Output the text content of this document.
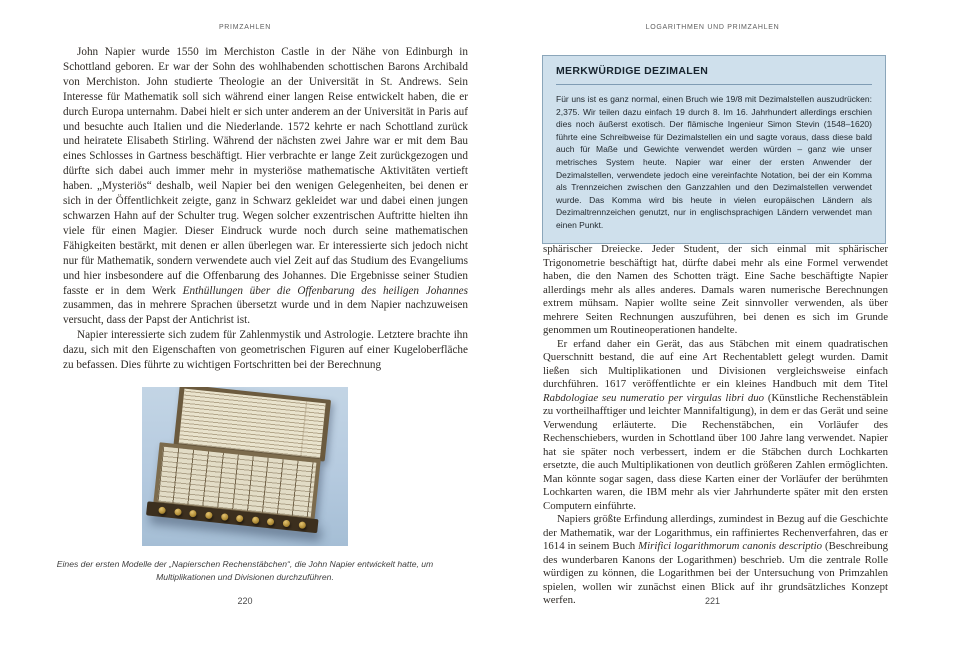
PRIMZAHLEN

John Napier wurde 1550 im Merchiston Castle in der Nähe von Edinburgh in Schottland geboren. Er war der Sohn des wohlhabenden schottischen Barons Archibald von Merchiston. John studierte Theologie an der Universität in St. Andrews. Sein Interesse für Mathematik soll sich während einer langen Reise entwickelt haben, die er durch Europa unternahm. Dabei hielt er sich unter anderem an der Universität in Paris auf und besuchte auch Italien und die Niederlande. 1572 kehrte er nach Schottland zurück und heiratete Elisabeth Stirling. Während der nächsten zwei Jahre war er mit dem Bau eines Schlosses in Gartness beschäftigt. Hier verbrachte er lange Zeit zurückgezogen und dürfte sich dabei auch immer mehr in mysteriöse mathematische Aktivitäten vertieft haben. „Mysteriös“ deshalb, weil Napier bei den wenigen Gelegenheiten, bei denen er sich in der Öffentlichkeit zeigte, ganz in Schwarz gekleidet war und dabei einen jungen schwarzen Hahn auf der Schulter trug. Wegen solcher exzentrischen Auftritte hielten ihn viele für einen Magier. Dieser Eindruck wurde noch durch seine mathematischen Fähigkeiten bestärkt, mit denen er allen überlegen war. Er interessierte sich jedoch nicht nur für Mathematik, sondern verwendete auch viel Zeit auf das Studium des Evangeliums und hier insbesondere auf die Offenbarung des Johannes. Die Ergebnisse seiner Studien fasste er in dem Werk Enthüllungen über die Offenbarung des heiligen Johannes zusammen, das in mehrere Sprachen übersetzt wurde und in dem Napier nachzuweisen versucht, dass der Papst der Antichrist ist.

Napier interessierte sich zudem für Zahlenmystik und Astrologie. Letztere brachte ihn dazu, sich mit den Eigenschaften von geometrischen Figuren auf einer Kugeloberfläche zu befassen. Dies führte zu wichtigen Fortschritten bei der Berechnung

Eines der ersten Modelle der „Napierschen Rechenstäbchen“, die John Napier entwickelt hatte, um Multiplikationen und Divisionen durchzuführen.
220
LOGARITHMEN UND PRIMZAHLEN
MERKWÜRDIGE DEZIMALEN
Für uns ist es ganz normal, einen Bruch wie 19/8 mit Dezimalstellen auszudrücken: 2,375. Wir teilen dazu einfach 19 durch 8. Im 16. Jahrhundert allerdings erschien dies noch äußerst exotisch. Der flämische Ingenieur Simon Stevin (1548–1620) führte eine Schreibweise für Dezimalstellen ein und sagte voraus, dass diese bald auch für Maße und Gewichte verwendet werden würden – ganz wie unser metrisches System heute. Napier war einer der ersten Anwender der Dezimalstellen, verwendete jedoch eine vereinfachte Notation, bei der ein Komma als Trennzeichen zwischen den Ganzzahlen und den Dezimalstellen verwendet wurde. Das Komma wird bis heute in vielen europäischen Ländern als Dezimaltrennzeichen genutzt, nur in englischsprachigen Ländern verwendet man einen Punkt.

sphärischer Dreiecke. Jeder Student, der sich einmal mit sphärischer Trigonometrie beschäftigt hat, dürfte dabei mehr als eine Formel verwendet haben, die den Namen des Schotten trägt. Eine Sache beschäftigte Napier allerdings mehr als alles anderes. Damals waren numerische Berechnungen extrem mühsam. Napier wollte seine Zeit sinnvoller verwenden, als über mehrere Seiten Rechnungen auszuführen, bei denen es sich im Grunde genommen um Routineoperationen handelte.

Er erfand daher ein Gerät, das aus Stäbchen mit einem quadratischen Querschnitt bestand, die auf eine Art Rechentablett gelegt wurden. Damit ließen sich Multiplikationen und Divisionen vergleichsweise einfach durchführen. 1617 veröffentlichte er ein kleines Handbuch mit dem Titel Rabdologiae seu numeratio per virgulas libri duo (Künstliche Rechenstäblein zu vortheilhafftiger und leichter Mannifaltigung), in dem er das Gerät und seine Verwendung erläuterte. Die Rechenstäbchen, ein Vorläufer des Rechenschiebers, wurden in Schottland über 100 Jahre lang verwendet. Napier hat sie später noch verbessert, indem er die Stäbchen durch Lochkarten ersetzte, die auch Multiplikationen von deutlich größeren Zahlen ermöglichten. Man könnte sogar sagen, dass diese Karten einer der Vorläufer der berühmten Lochkarten waren, die IBM mehr als vier Jahrhunderte später mit den ersten Computern einführte.

Napiers größte Erfindung allerdings, zumindest in Bezug auf die Geschichte der Mathematik, war der Logarithmus, ein raffiniertes Rechenverfahren, das er 1614 in seinem Buch Mirifici logarithmorum canonis descriptio (Beschreibung des wunderbaren Kanons der Logarithmen) beschrieb. Um die zentrale Rolle würdigen zu können, die Logarithmen bei der Untersuchung von Primzahlen spielen, wollen wir zunächst einen Blick auf ihr grundsätzliches Konzept werfen.	221
